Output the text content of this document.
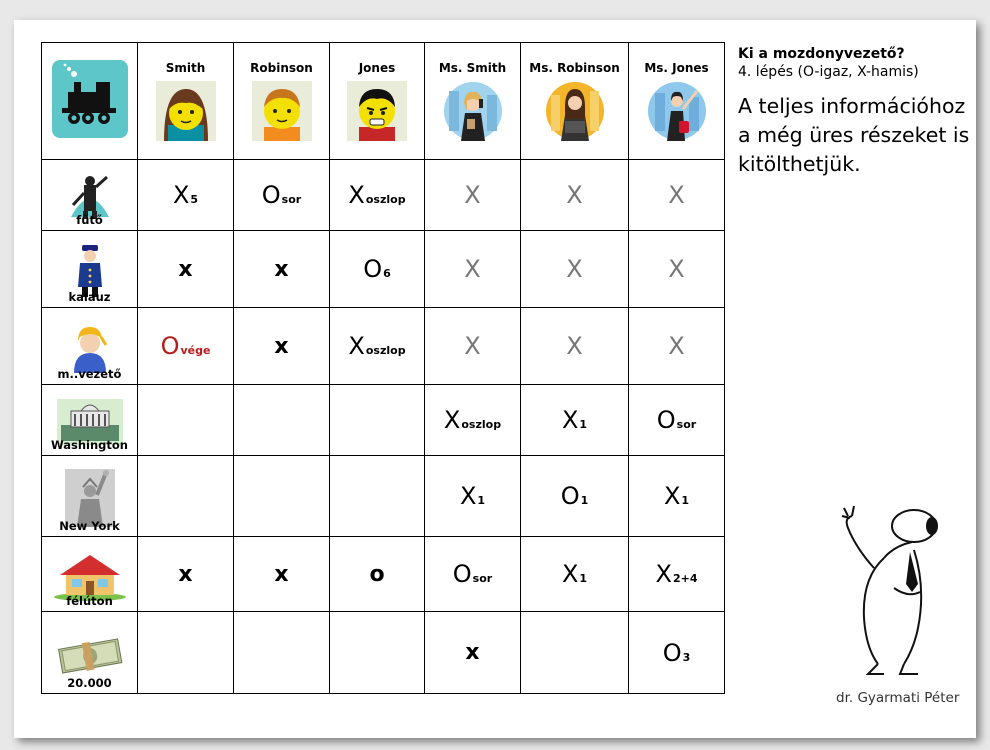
Smith	Robinson	Jones	Ms. Smith	Ms. Robinson	Ms. Jones

fűtő	X5	Osor	Xoszlop	X	X	X

kalauz	x	x	O6	X	X	X

m..vezető	Ovége	x	Xoszlop	X	X	X

Washington				Xoszlop	X1	Osor

New York				X1	O1	X1

félúton	x	x	o	Osor	X1	X2+4

20.000				x		O3
Ki a mozdonyvezető?
4. lépés (O-igaz, X-hamis)
A teljes információhoz a még üres részeket is kitölthetjük.
dr. Gyarmati Péter
